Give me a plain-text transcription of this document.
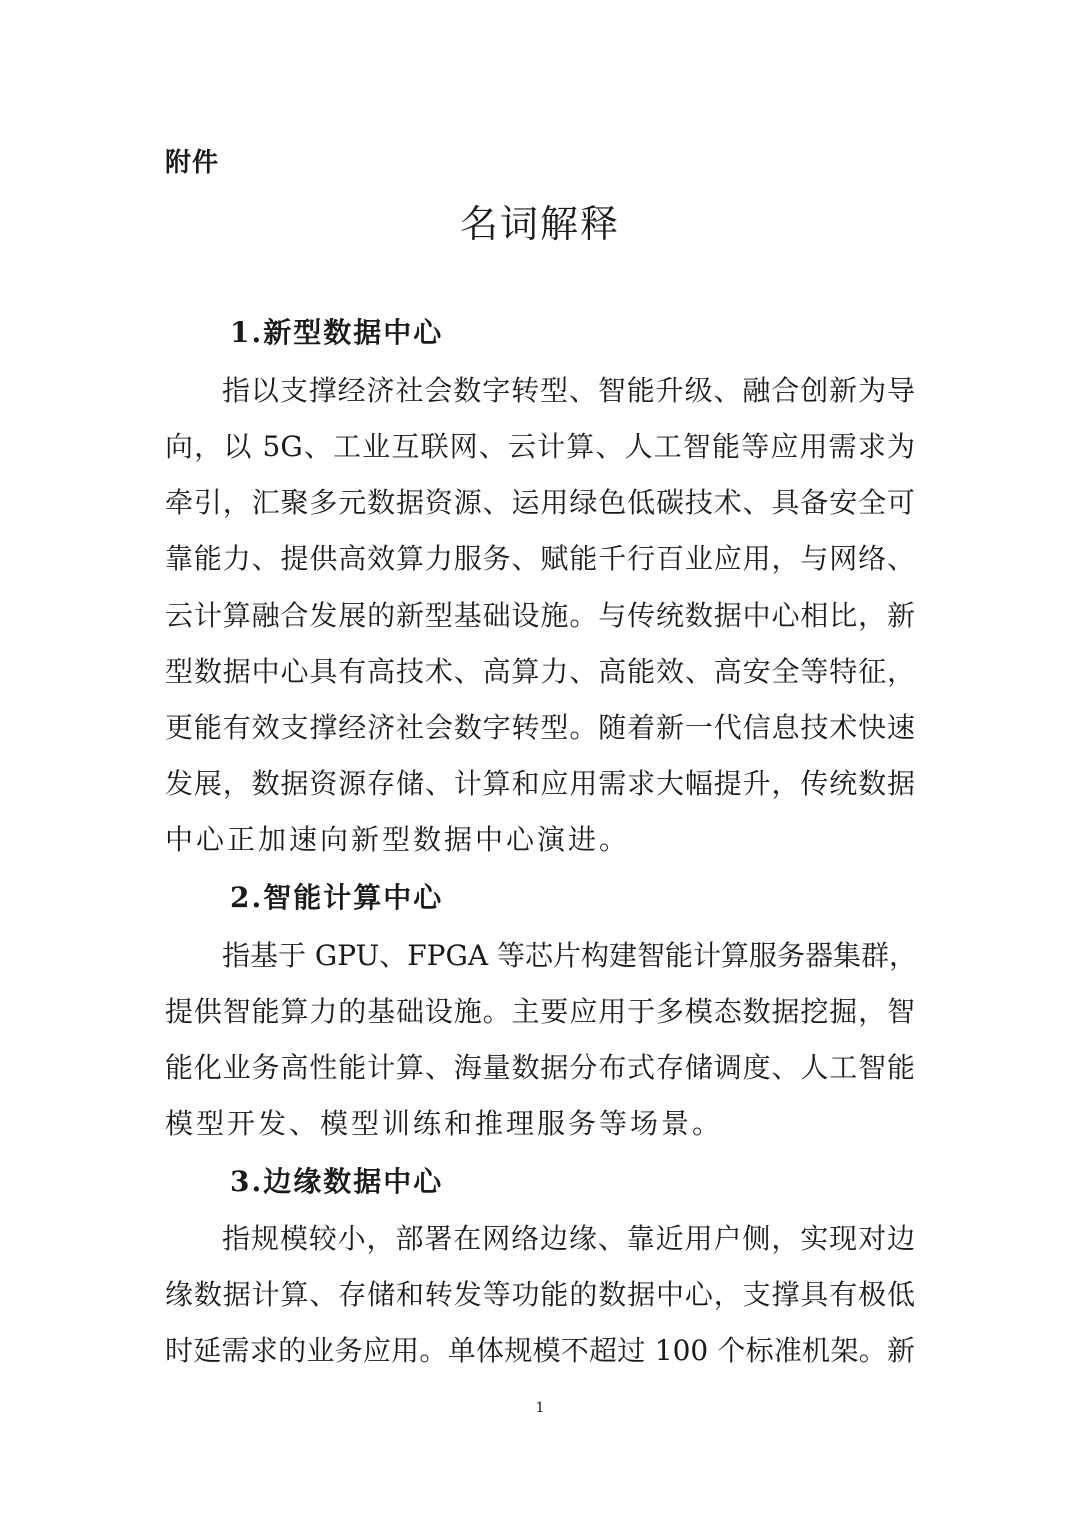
附件
名词解释
1.新型数据中心
指以支撑经济社会数字转型、智能升级、融合创新为导
向，以 5G、工业互联网、云计算、人工智能等应用需求为
牵引，汇聚多元数据资源、运用绿色低碳技术、具备安全可
靠能力、提供高效算力服务、赋能千行百业应用，与网络、
云计算融合发展的新型基础设施。与传统数据中心相比，新
型数据中心具有高技术、高算力、高能效、高安全等特征，
更能有效支撑经济社会数字转型。随着新一代信息技术快速
发展，数据资源存储、计算和应用需求大幅提升，传统数据
中心正加速向新型数据中心演进。
2.智能计算中心
指基于 GPU、FPGA 等芯片构建智能计算服务器集群，
提供智能算力的基础设施。主要应用于多模态数据挖掘，智
能化业务高性能计算、海量数据分布式存储调度、人工智能
模型开发、模型训练和推理服务等场景。
3.边缘数据中心
指规模较小，部署在网络边缘、靠近用户侧，实现对边
缘数据计算、存储和转发等功能的数据中心，支撑具有极低
时延需求的业务应用。单体规模不超过 100 个标准机架。新
1
